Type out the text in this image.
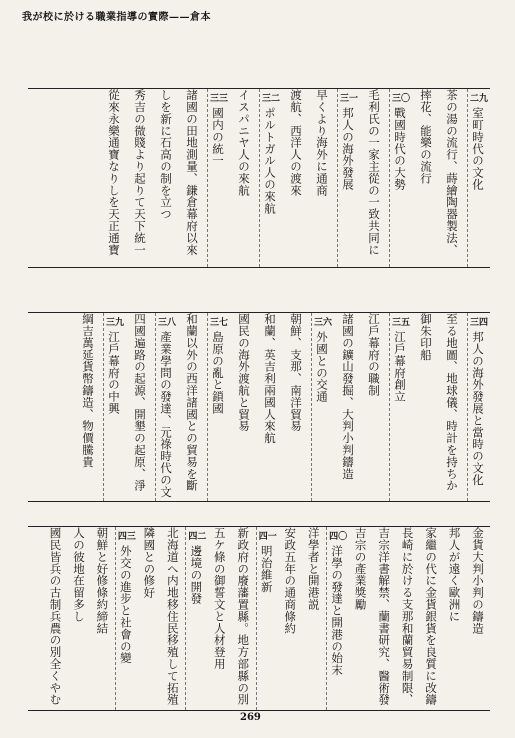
我が校に於ける職業指導の實際——倉本
二九
室町時代の文化
茶の湯の流行、蒔繪陶器製法、
摔花、能樂の流行
三〇
戰國時代の大勢
毛利氏の一家主從の一致共同に
三一
邦人の海外發展
早くより海外に通商
渡航、西洋人の渡來
三二
ポルトガル人の來航
イスパニヤ人の來航
三三
國内の統一
諸國の田地測量、鎌倉幕府以來
しを新に石高の制を立つ
秀吉の微賤より起りて天下統一
從來永樂通寶なりしを天正通寶
三四
邦人の海外發展と當時の文化
至る地圖、地球儀、時計を持ちか
御朱印船
三五
江戶幕府創立
江戶幕府の職制
諸國の鑛山發掘、大判小判鑄造
三六
外國との交通
朝鮮、支那、南洋貿易
和蘭、英吉利兩國人來航
國民の海外渡航と貿易
三七
島原の亂と鎖國
和蘭以外の西洋諸國との貿易を斷
三八
產業學問の發達、元祿時代の文
四國遍路の起源、開墾の起原、淨
三九
江戶幕府の中興
綱吉萬延貨幣鑄造、物價騰貴
金貨大判小判の鑄造
邦人が遠く歐洲に
家繼の代に金貨銀貨を良質に改鑄
長崎に於ける支那和蘭貿易制限、
吉宗洋書解禁、蘭書研究、醫術發
吉宗の產業獎勵
四〇
洋學の發達と開港の始末
洋學者と開港説
安政五年の通商條約
四一
明治維新
新政府の廢藩置縣。地方部縣の別
五ケ條の御誓文と人材登用
四二
邊境の開發
北海道へ内地移住民移殖して拓殖
隣國との修好
四三
外交の進步と社會の變
朝鮮と好修條約締結
人の彼地在留多し
國民皆兵の古制兵農の別全くやむ
269
